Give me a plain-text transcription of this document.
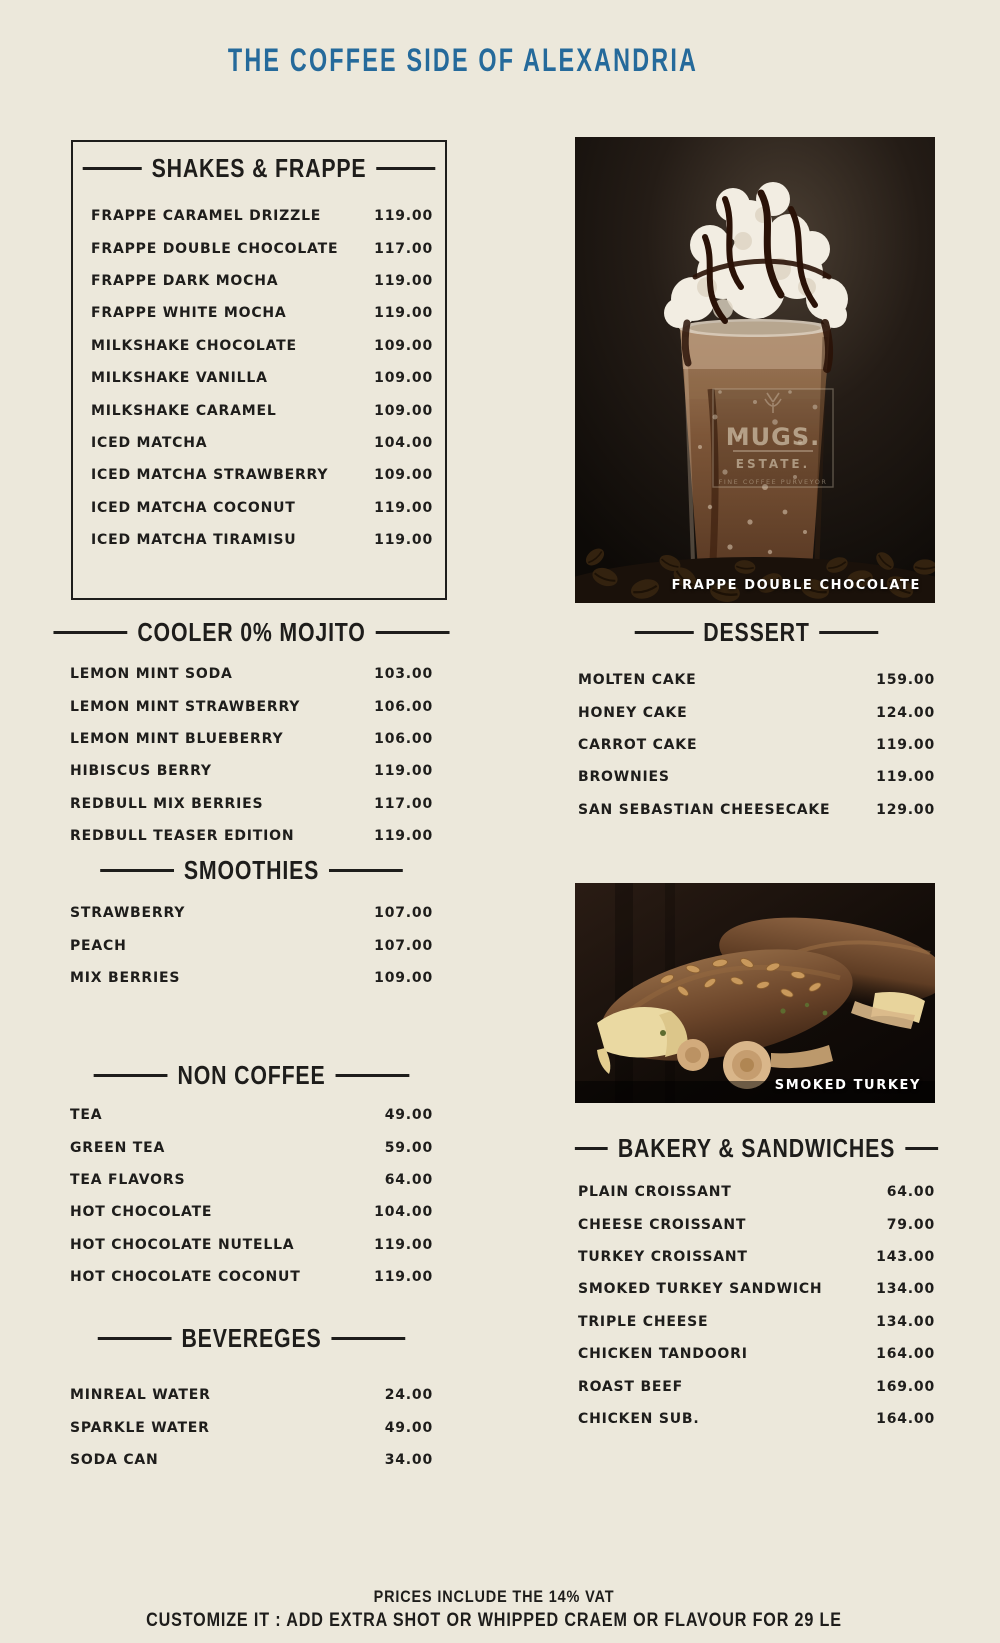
THE COFFEE SIDE OF ALEXANDRIA
SHAKES & FRAPPE
FRAPPE CARAMEL DRIZZLE	119.00
FRAPPE DOUBLE CHOCOLATE	117.00
FRAPPE DARK MOCHA	119.00
FRAPPE WHITE MOCHA	119.00
MILKSHAKE CHOCOLATE	109.00
MILKSHAKE VANILLA	109.00
MILKSHAKE CARAMEL	109.00
ICED MATCHA	104.00
ICED MATCHA STRAWBERRY	109.00
ICED MATCHA COCONUT	119.00
ICED MATCHA TIRAMISU	119.00
COOLER 0% MOJITO
LEMON MINT SODA	103.00
LEMON MINT STRAWBERRY	106.00
LEMON MINT BLUEBERRY	106.00
HIBISCUS BERRY	119.00
REDBULL MIX BERRIES	117.00
REDBULL TEASER EDITION	119.00
SMOOTHIES
STRAWBERRY	107.00
PEACH	107.00
MIX BERRIES	109.00
NON COFFEE
TEA	49.00
GREEN TEA	59.00
TEA FLAVORS	64.00
HOT CHOCOLATE	104.00
HOT CHOCOLATE NUTELLA	119.00
HOT CHOCOLATE COCONUT	119.00
BEVEREGES
MINREAL WATER	24.00
SPARKLE WATER	49.00
SODA CAN	34.00
DESSERT
MOLTEN CAKE	159.00
HONEY CAKE	124.00
CARROT CAKE	119.00
BROWNIES	119.00
SAN SEBASTIAN CHEESECAKE	129.00
BAKERY & SANDWICHES
PLAIN CROISSANT	64.00
CHEESE CROISSANT	79.00
TURKEY CROISSANT	143.00
SMOKED TURKEY SANDWICH	134.00
TRIPLE CHEESE	134.00
CHICKEN TANDOORI	164.00
ROAST BEEF	169.00
CHICKEN SUB.	164.00
MUGS.
ESTATE.
FINE COFFEE PURVEYOR
FRAPPE DOUBLE CHOCOLATE
SMOKED TURKEY
PRICES INCLUDE THE 14% VAT
CUSTOMIZE IT : ADD EXTRA SHOT OR WHIPPED CRAEM OR FLAVOUR FOR 29 LE
